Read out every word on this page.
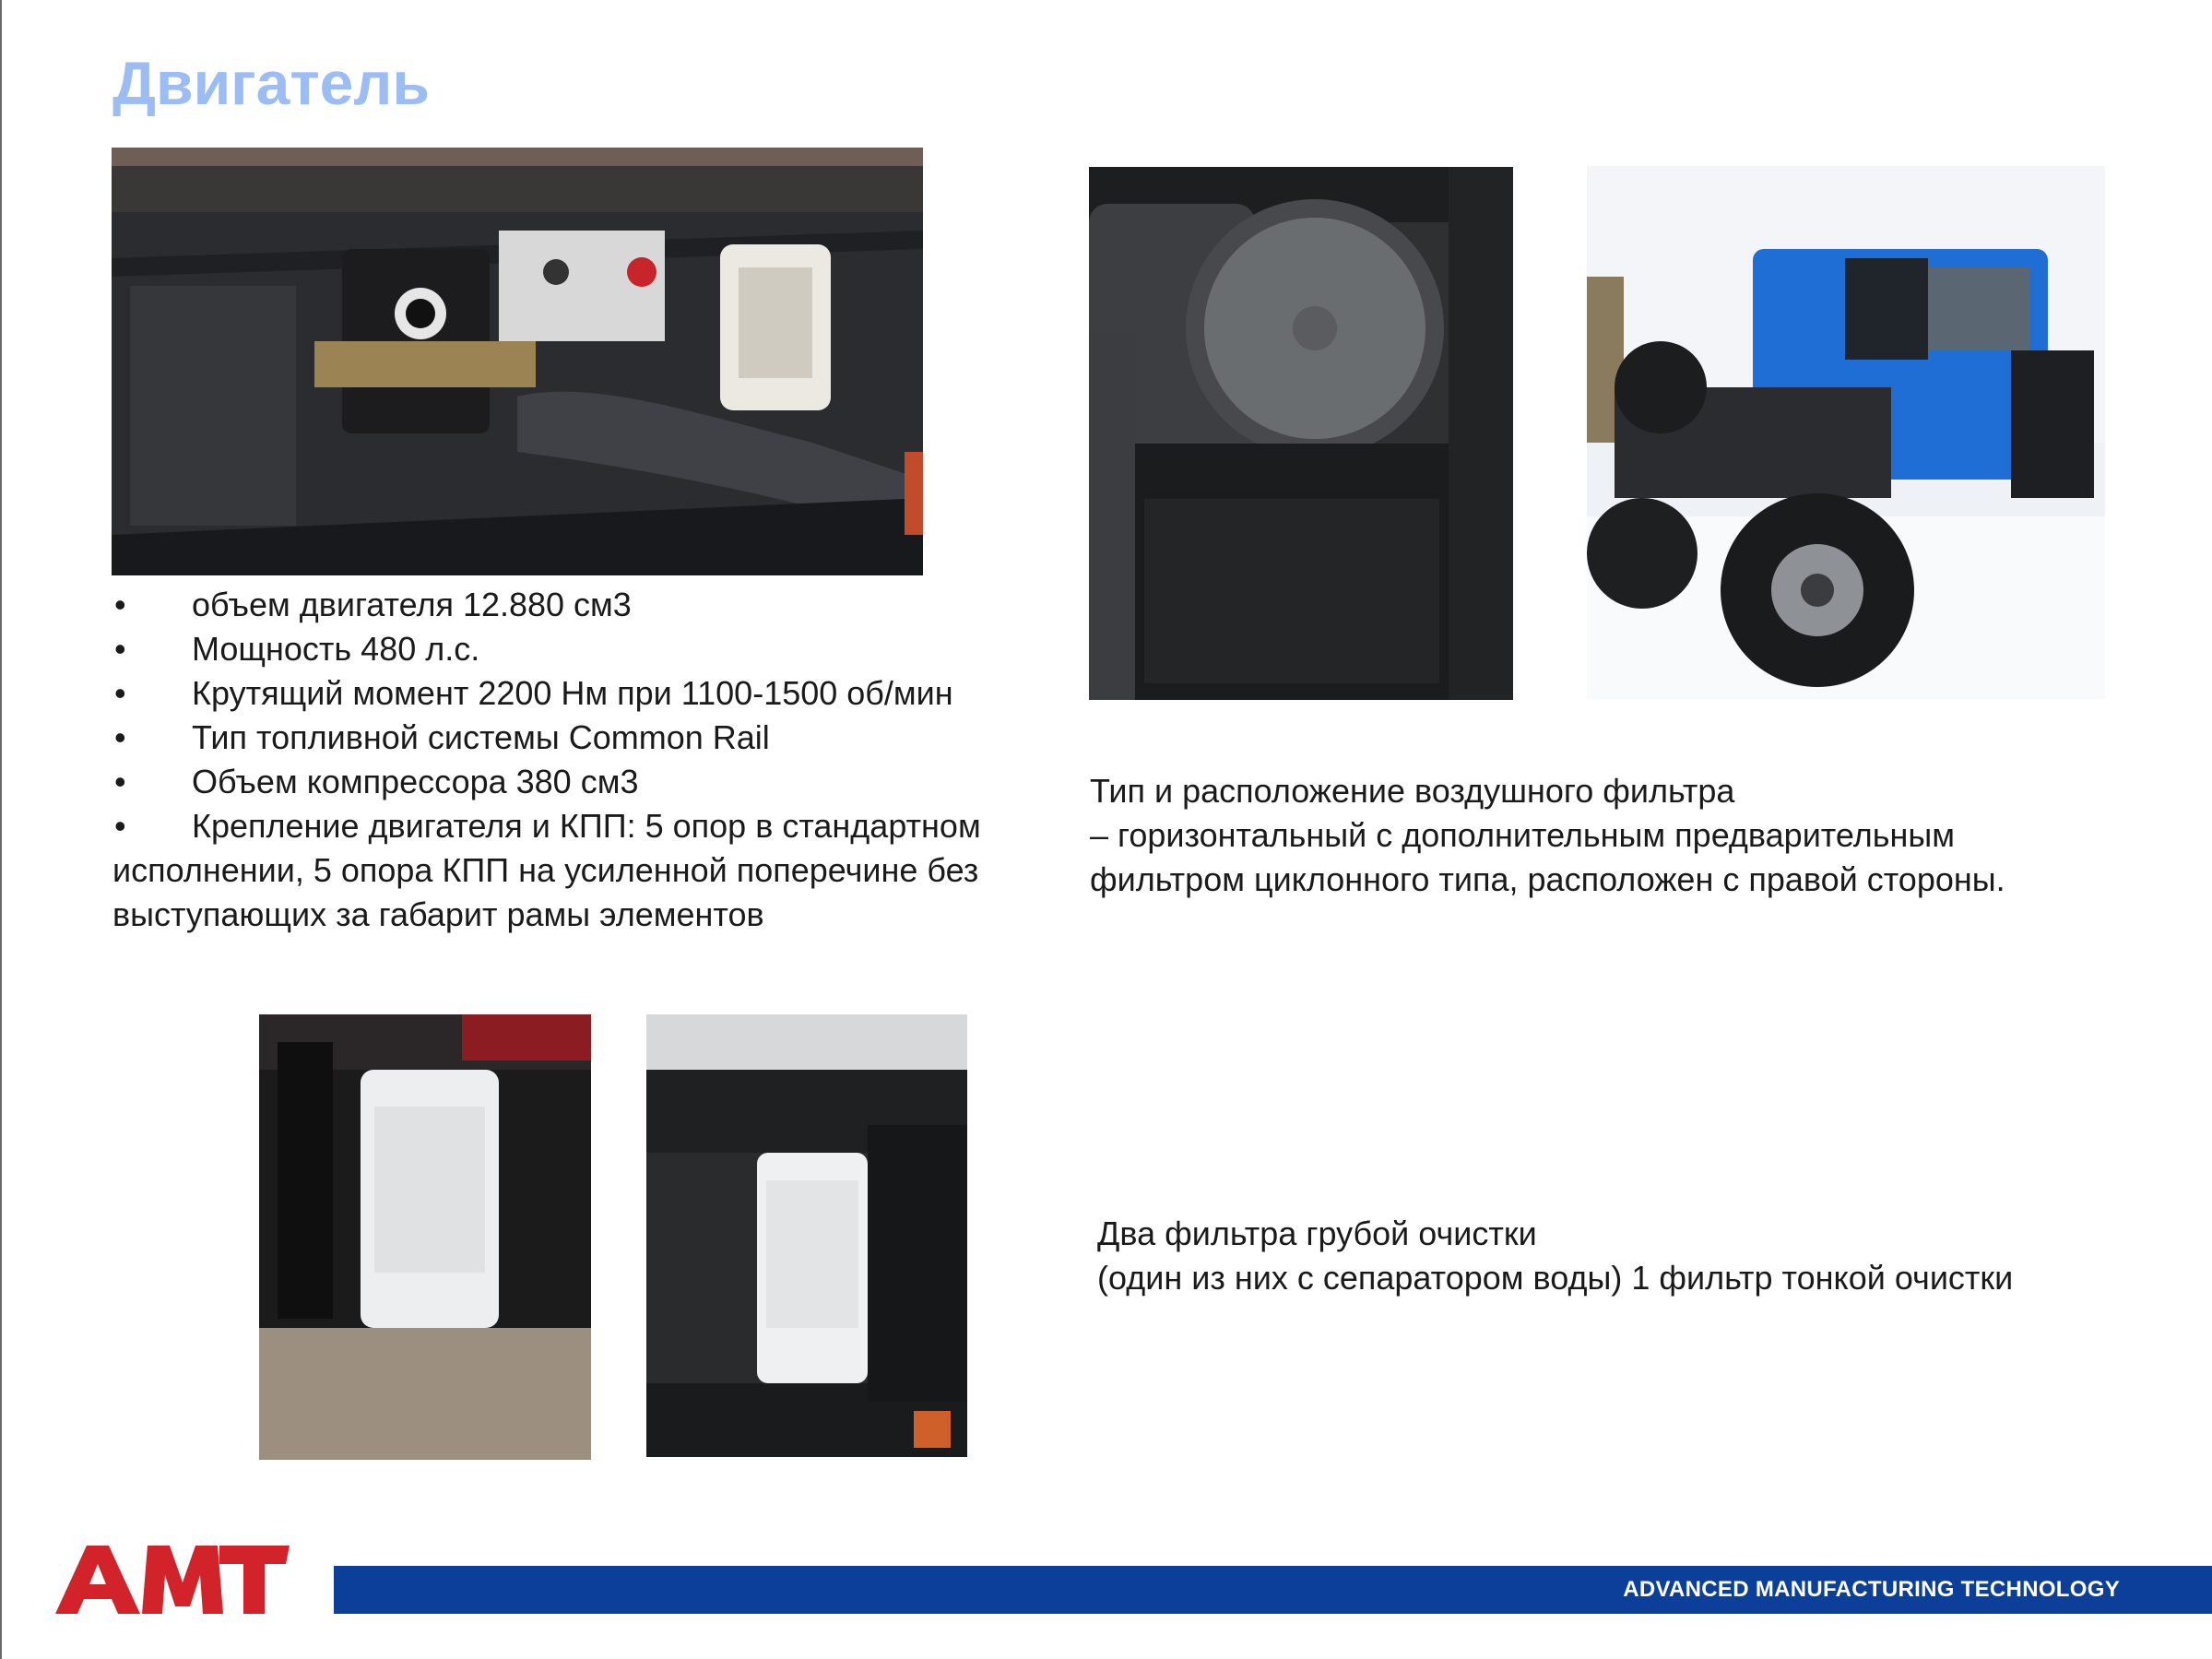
Двигатель
• объем двигателя 12.880 см3
• Мощность 480 л.с.
• Крутящий момент 2200 Нм при 1100-1500 об/мин
• Тип топливной системы Common Rail
• Объем компрессора 380 см3
• Крепление двигателя и КПП: 5 опор в стандартном
исполнении, 5 опора КПП на усиленной поперечине без выступающих за габарит рамы элементов
Тип и расположение воздушного фильтра
– горизонтальный с дополнительным предварительным
фильтром циклонного типа, расположен с правой стороны.
Два фильтра грубой очистки
(один из них с сепаратором воды) 1 фильтр тонкой очистки
ADVANCED MANUFACTURING TECHNOLOGY
